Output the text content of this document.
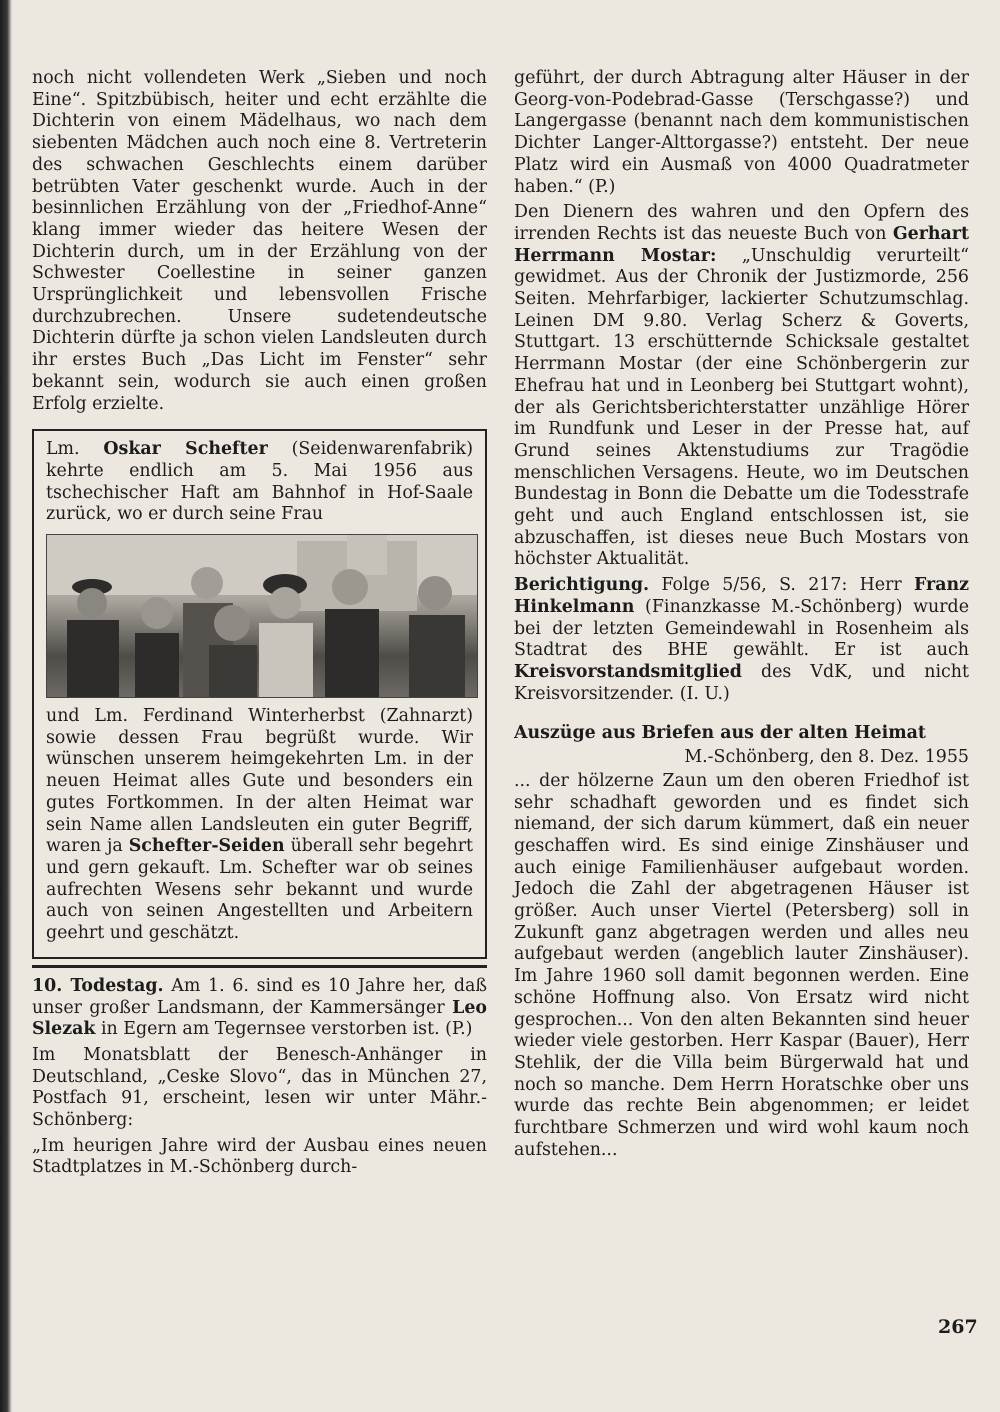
noch nicht vollendeten Werk „Sieben und noch Eine“. Spitzbübisch, heiter und echt erzählte die Dichterin von einem Mädelhaus, wo nach dem siebenten Mädchen auch noch eine 8. Vertreterin des schwachen Geschlechts einem darüber betrübten Vater geschenkt wurde. Auch in der besinnlichen Erzählung von der „Friedhof-Anne“ klang immer wieder das heitere Wesen der Dichterin durch, um in der Erzählung von der Schwester Coellestine in seiner ganzen Ursprünglichkeit und lebensvollen Frische durchzubrechen. Unsere sudetendeutsche Dichterin dürfte ja schon vielen Landsleuten durch ihr erstes Buch „Das Licht im Fenster“ sehr bekannt sein, wodurch sie auch einen großen Erfolg erzielte.

Lm. Oskar Schefter (Seidenwarenfabrik) kehrte endlich am 5. Mai 1956 aus tschechischer Haft am Bahnhof in Hof-Saale zurück, wo er durch seine Frau

und Lm. Ferdinand Winterherbst (Zahnarzt) sowie dessen Frau begrüßt wurde. Wir wünschen unserem heimgekehrten Lm. in der neuen Heimat alles Gute und besonders ein gutes Fortkommen. In der alten Heimat war sein Name allen Landsleuten ein guter Begriff, waren ja Schefter-Seiden überall sehr begehrt und gern gekauft. Lm. Schefter war ob seines aufrechten Wesens sehr bekannt und wurde auch von seinen Angestellten und Arbeitern geehrt und geschätzt.

10. Todestag. Am 1. 6. sind es 10 Jahre her, daß unser großer Landsmann, der Kammersänger Leo Slezak in Egern am Tegernsee verstorben ist. (P.)

Im Monatsblatt der Benesch-Anhänger in Deutschland, „Ceske Slovo“, das in München 27, Postfach 91, erscheint, lesen wir unter Mähr.-Schönberg:

„Im heurigen Jahre wird der Ausbau eines neuen Stadtplatzes in M.-Schönberg durch-

geführt, der durch Abtragung alter Häuser in der Georg-von-Podebrad-Gasse (Terschgasse?) und Langergasse (benannt nach dem kommunistischen Dichter Langer-Alttorgasse?) entsteht. Der neue Platz wird ein Ausmaß von 4000 Quadratmeter haben.“ (P.)

Den Dienern des wahren und den Opfern des irrenden Rechts ist das neueste Buch von Gerhart Herrmann Mostar: „Unschuldig verurteilt“ gewidmet. Aus der Chronik der Justizmorde, 256 Seiten. Mehrfarbiger, lackierter Schutzumschlag. Leinen DM 9.80. Verlag Scherz & Goverts, Stuttgart. 13 erschütternde Schicksale gestaltet Herrmann Mostar (der eine Schönbergerin zur Ehefrau hat und in Leonberg bei Stuttgart wohnt), der als Gerichtsberichterstatter unzählige Hörer im Rundfunk und Leser in der Presse hat, auf Grund seines Aktenstudiums zur Tragödie menschlichen Versagens. Heute, wo im Deutschen Bundestag in Bonn die Debatte um die Todesstrafe geht und auch England entschlossen ist, sie abzuschaffen, ist dieses neue Buch Mostars von höchster Aktualität.

Berichtigung. Folge 5/56, S. 217: Herr Franz Hinkelmann (Finanzkasse M.-Schönberg) wurde bei der letzten Gemeindewahl in Rosenheim als Stadtrat des BHE gewählt. Er ist auch Kreisvorstandsmitglied des VdK, und nicht Kreisvorsitzender. (I. U.)

Auszüge aus Briefen aus der alten Heimat
M.-Schönberg, den 8. Dez. 1955

... der hölzerne Zaun um den oberen Friedhof ist sehr schadhaft geworden und es findet sich niemand, der sich darum kümmert, daß ein neuer geschaffen wird. Es sind einige Zinshäuser und auch einige Familienhäuser aufgebaut worden. Jedoch die Zahl der abgetragenen Häuser ist größer. Auch unser Viertel (Petersberg) soll in Zukunft ganz abgetragen werden und alles neu aufgebaut werden (angeblich lauter Zinshäuser). Im Jahre 1960 soll damit begonnen werden. Eine schöne Hoffnung also. Von Ersatz wird nicht gesprochen... Von den alten Bekannten sind heuer wieder viele gestorben. Herr Kaspar (Bauer), Herr Stehlik, der die Villa beim Bürgerwald hat und noch so manche. Dem Herrn Horatschke ober uns wurde das rechte Bein abgenommen; er leidet furchtbare Schmerzen und wird wohl kaum noch aufstehen...

267
